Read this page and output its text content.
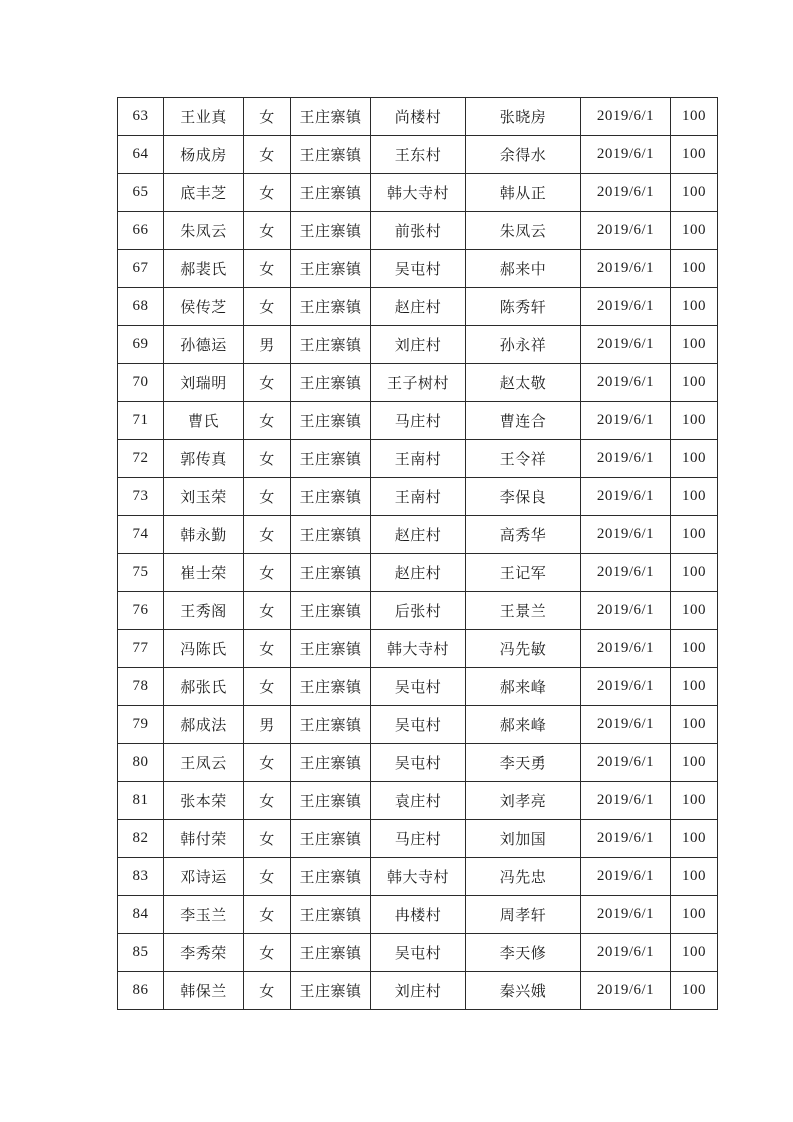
63	王业真	女	王庄寨镇	尚楼村	张晓房	2019/6/1	100
64	杨成房	女	王庄寨镇	王东村	余得水	2019/6/1	100
65	底丰芝	女	王庄寨镇	韩大寺村	韩从正	2019/6/1	100
66	朱凤云	女	王庄寨镇	前张村	朱凤云	2019/6/1	100
67	郝裴氏	女	王庄寨镇	吴屯村	郝来中	2019/6/1	100
68	侯传芝	女	王庄寨镇	赵庄村	陈秀轩	2019/6/1	100
69	孙德运	男	王庄寨镇	刘庄村	孙永祥	2019/6/1	100
70	刘瑞明	女	王庄寨镇	王子树村	赵太敬	2019/6/1	100
71	曹氏	女	王庄寨镇	马庄村	曹连合	2019/6/1	100
72	郭传真	女	王庄寨镇	王南村	王令祥	2019/6/1	100
73	刘玉荣	女	王庄寨镇	王南村	李保良	2019/6/1	100
74	韩永勤	女	王庄寨镇	赵庄村	高秀华	2019/6/1	100
75	崔士荣	女	王庄寨镇	赵庄村	王记军	2019/6/1	100
76	王秀阁	女	王庄寨镇	后张村	王景兰	2019/6/1	100
77	冯陈氏	女	王庄寨镇	韩大寺村	冯先敏	2019/6/1	100
78	郝张氏	女	王庄寨镇	吴屯村	郝来峰	2019/6/1	100
79	郝成法	男	王庄寨镇	吴屯村	郝来峰	2019/6/1	100
80	王凤云	女	王庄寨镇	吴屯村	李天勇	2019/6/1	100
81	张本荣	女	王庄寨镇	袁庄村	刘孝亮	2019/6/1	100
82	韩付荣	女	王庄寨镇	马庄村	刘加国	2019/6/1	100
83	邓诗运	女	王庄寨镇	韩大寺村	冯先忠	2019/6/1	100
84	李玉兰	女	王庄寨镇	冉楼村	周孝轩	2019/6/1	100
85	李秀荣	女	王庄寨镇	吴屯村	李天修	2019/6/1	100
86	韩保兰	女	王庄寨镇	刘庄村	秦兴娥	2019/6/1	100
